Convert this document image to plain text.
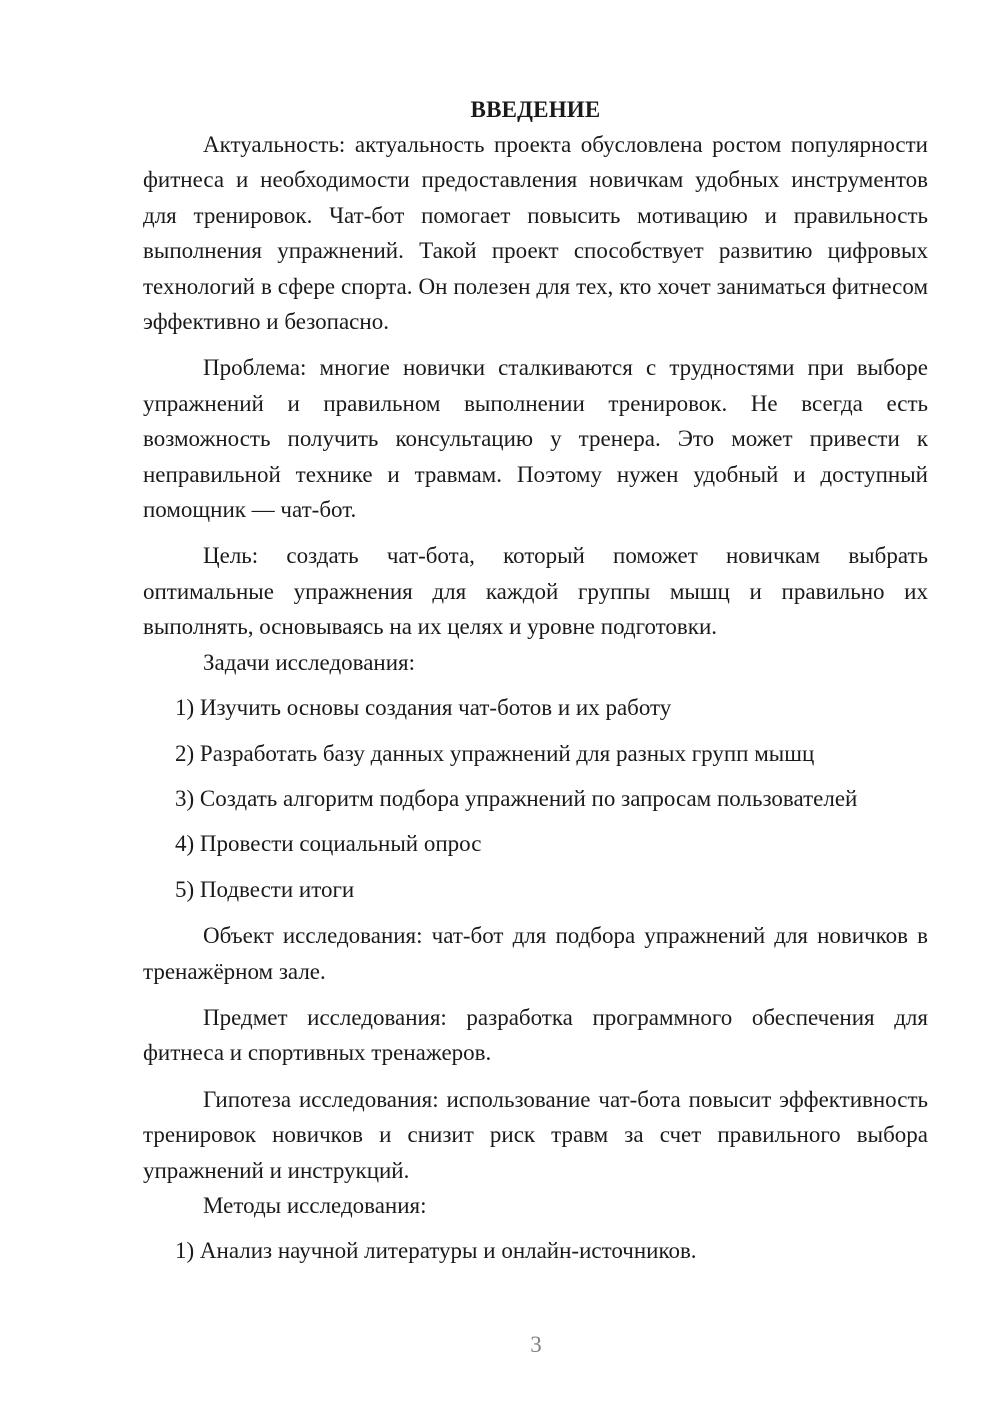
ВВЕДЕНИЕ

Актуальность: актуальность проекта обусловлена ростом популярности фитнеса и необходимости предоставления новичкам удобных инструментов для тренировок. Чат-бот помогает повысить мотивацию и правильность выполнения упражнений. Такой проект способствует развитию цифровых технологий в сфере спорта. Он полезен для тех, кто хочет заниматься фитнесом эффективно и безопасно.

Проблема: многие новички сталкиваются с трудностями при выборе упражнений и правильном выполнении тренировок. Не всегда есть возможность получить консультацию у тренера. Это может привести к неправильной технике и травмам. Поэтому нужен удобный и доступный помощник — чат-бот.

Цель: создать чат-бота, который поможет новичкам выбрать оптимальные упражнения для каждой группы мышц и правильно их выполнять, основываясь на их целях и уровне подготовки.

Задачи исследования:

1) Изучить основы создания чат-ботов и их работу

2) Разработать базу данных упражнений для разных групп мышц

3) Создать алгоритм подбора упражнений по запросам пользователей

4) Провести социальный опрос

5) Подвести итоги

Объект исследования: чат-бот для подбора упражнений для новичков в тренажёрном зале.

Предмет исследования: разработка программного обеспечения для фитнеса и спортивных тренажеров.

Гипотеза исследования: использование чат-бота повысит эффективность тренировок новичков и снизит риск травм за счет правильного выбора упражнений и инструкций.

Методы исследования:

1) Анализ научной литературы и онлайн-источников.

3
